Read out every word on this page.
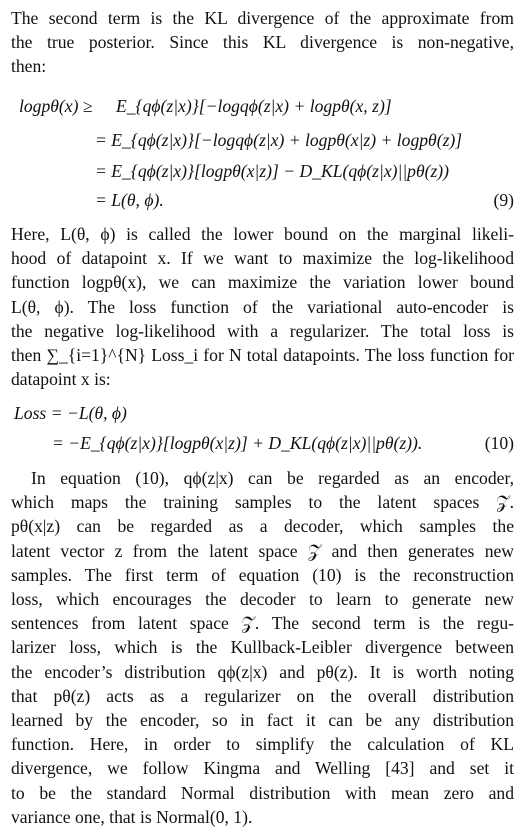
The second term is the KL divergence of the approximate from
the true posterior. Since this KL divergence is non-negative,
then:

logpθ(x) ≥ E_{qϕ(z|x)}[−logqϕ(z|x) + logpθ(x, z)]
= E_{qϕ(z|x)}[−logqϕ(z|x) + logpθ(x|z) + logpθ(z)]
= E_{qϕ(z|x)}[logpθ(x|z)] − D_KL(qϕ(z|x)||pθ(z))
= L(θ, ϕ).	(9)

Here, L(θ, ϕ) is called the lower bound on the marginal likeli-
hood of datapoint x. If we want to maximize the log-likelihood
function logpθ(x), we can maximize the variation lower bound
L(θ, ϕ). The loss function of the variational auto-encoder is
the negative log-likelihood with a regularizer. The total loss is
then ∑_{i=1}^{N} Loss_i for N total datapoints. The loss function for
datapoint x is:

Loss = −L(θ, ϕ)
= −E_{qϕ(z|x)}[logpθ(x|z)] + D_KL(qϕ(z|x)||pθ(z)).	(10)

In equation (10), qϕ(z|x) can be regarded as an encoder,
which maps the training samples to the latent spaces 𝒵.
pθ(x|z) can be regarded as a decoder, which samples the
latent vector z from the latent space 𝒵 and then generates new
samples. The first term of equation (10) is the reconstruction
loss, which encourages the decoder to learn to generate new
sentences from latent space 𝒵. The second term is the regu-
larizer loss, which is the Kullback-Leibler divergence between
the encoder’s distribution qϕ(z|x) and pθ(z). It is worth noting
that pθ(z) acts as a regularizer on the overall distribution
learned by the encoder, so in fact it can be any distribution
function. Here, in order to simplify the calculation of KL
divergence, we follow Kingma and Welling [43] and set it
to be the standard Normal distribution with mean zero and
variance one, that is Normal(0, 1).
